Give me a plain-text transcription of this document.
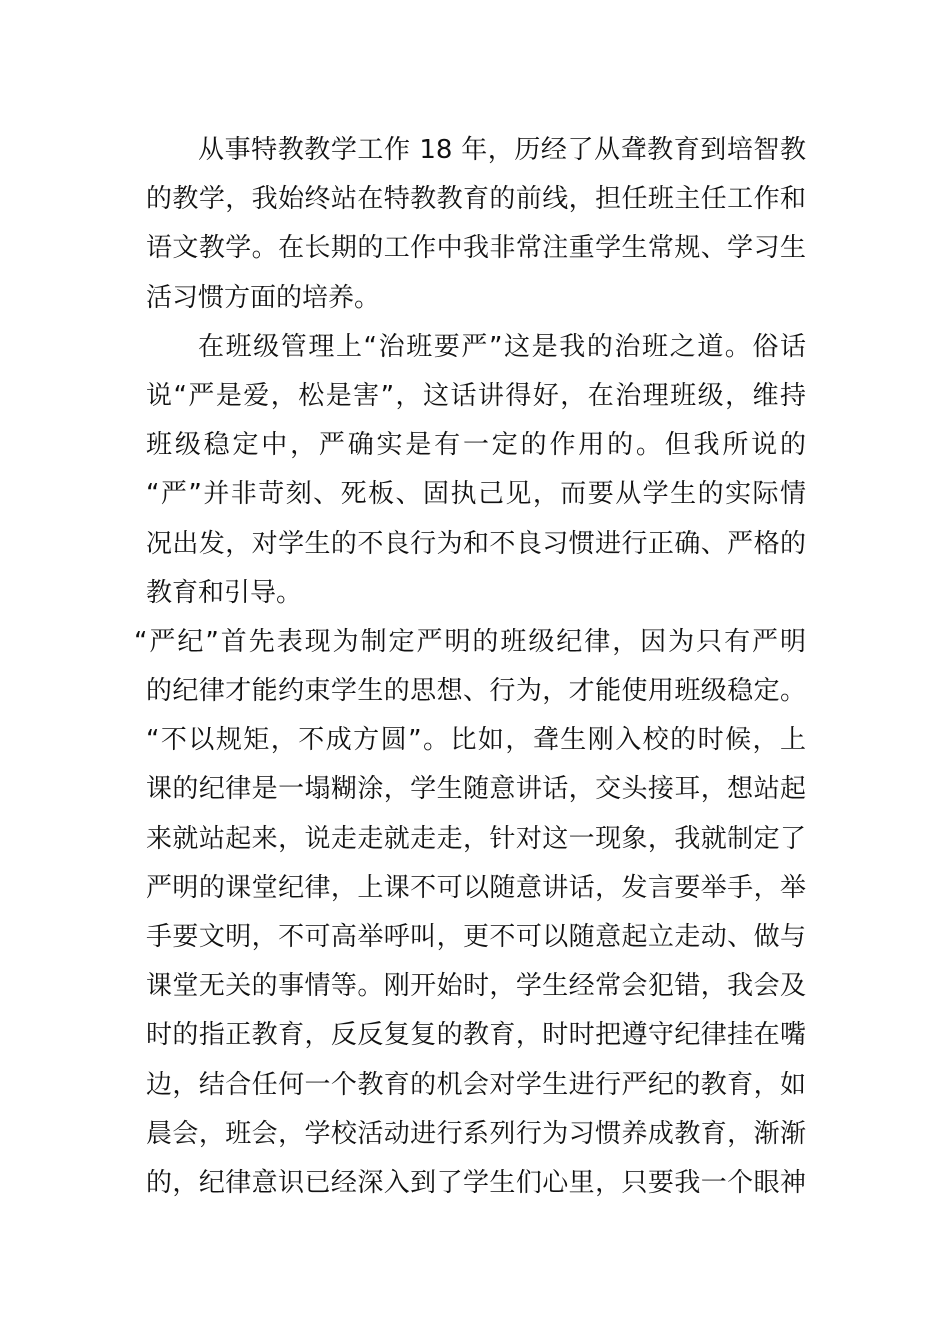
从事特教教学工作 18 年，历经了从聋教育到培智教
的教学，我始终站在特教教育的前线，担任班主任工作和
语文教学。在长期的工作中我非常注重学生常规、学习生
活习惯方面的培养。
在班级管理上“治班要严”这是我的治班之道。俗话
说“严是爱，松是害”，这话讲得好，在治理班级，维持
班级稳定中，严确实是有一定的作用的。但我所说的
“严”并非苛刻、死板、固执己见，而要从学生的实际情
况出发，对学生的不良行为和不良习惯进行正确、严格的
教育和引导。
“严纪”首先表现为制定严明的班级纪律，因为只有严明
的纪律才能约束学生的思想、行为，才能使用班级稳定。
“不以规矩，不成方圆”。比如，聋生刚入校的时候，上
课的纪律是一塌糊涂，学生随意讲话，交头接耳，想站起
来就站起来，说走走就走走，针对这一现象，我就制定了
严明的课堂纪律，上课不可以随意讲话，发言要举手，举
手要文明，不可高举呼叫，更不可以随意起立走动、做与
课堂无关的事情等。刚开始时，学生经常会犯错，我会及
时的指正教育，反反复复的教育，时时把遵守纪律挂在嘴
边，结合任何一个教育的机会对学生进行严纪的教育，如
晨会，班会，学校活动进行系列行为习惯养成教育，渐渐
的，纪律意识已经深入到了学生们心里，只要我一个眼神
